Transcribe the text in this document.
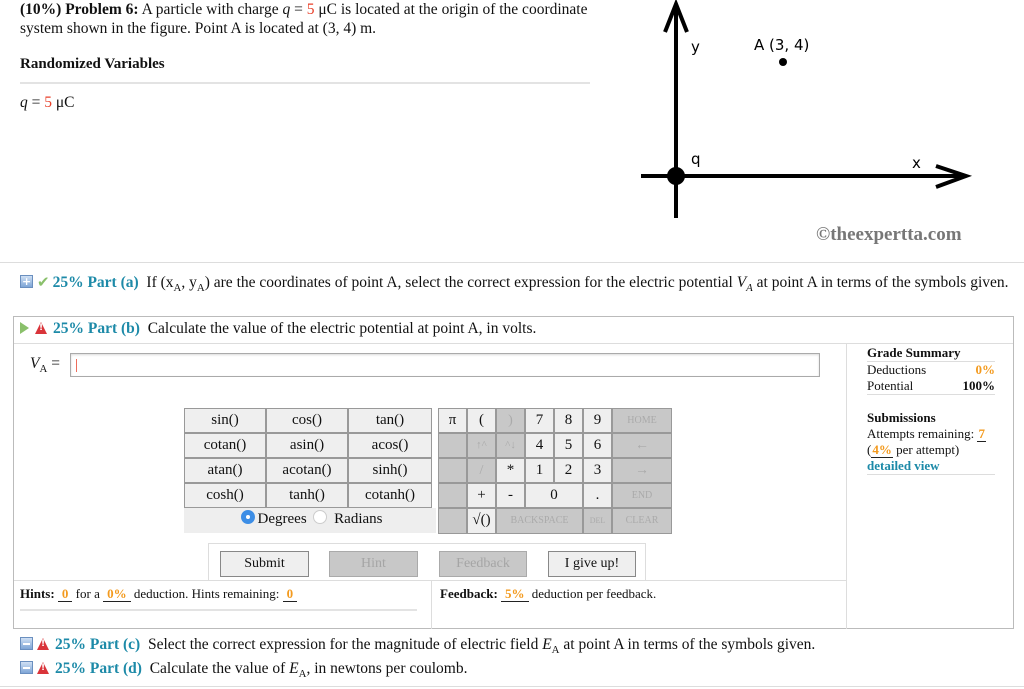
(10%) Problem 6: A particle with charge q = 5 μC is located at the origin of the coordinate system shown in the figure. Point A is located at (3, 4) m.
Randomized Variables
q = 5 μC
y
q	x
A (3, 4)
©theexpertta.com
+✔ 25% Part (a) If ($x_A$, $y_A$) are the coordinates of point A, select the correct expression for the electric potential $V_A$ at point A in terms of the symbols given.
!25% Part (b) Calculate the value of the electric potential at point A, in volts.
$V_A$ =
|
Grade Summary
Deductions	0%
Potential	100%
Submissions
Attempts remaining: 7
(4% per attempt)
detailed view
sin()	cos()	tan()
cotan()	asin()	acos()
atan()	acotan()	sinh()
cosh()	tanh()	cotanh()
Degrees Radians
π	(	)	7	8	9	HOME
↑^	^↓	4	5	6	←
/	*	1	2	3	→
+	-	0	.	END
√()	BACKSPACE	DEL	CLEAR
Submit	Hint	Feedback	I give up!
Hints: 0 for a 0% deduction. Hints remaining: 0	Feedback: 5% deduction per feedback.
!25% Part (c) Select the correct expression for the magnitude of electric field $E_A$ at point A in terms of the symbols given.
!25% Part (d) Calculate the value of $E_A$, in newtons per coulomb.
